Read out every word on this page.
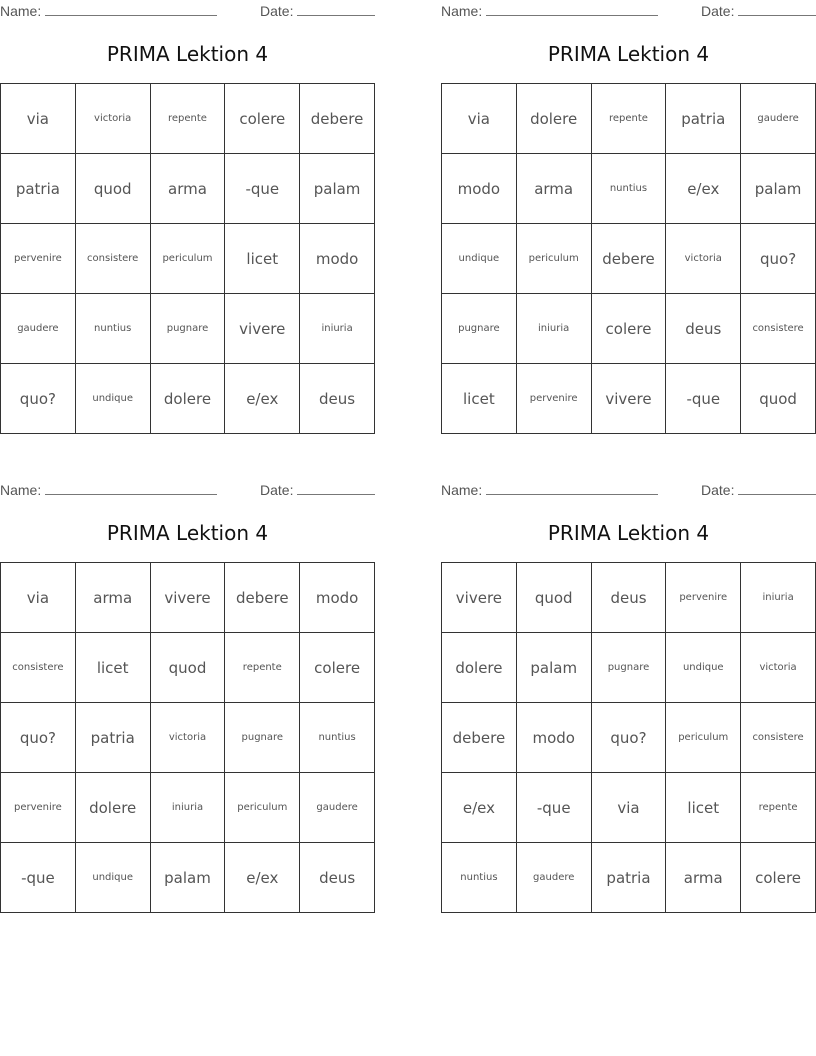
Name:	Date:
PRIMA Lektion 4
via	victoria	repente	colere	debere
patria	quod	arma	-que	palam
pervenire	consistere	periculum	licet	modo
gaudere	nuntius	pugnare	vivere	iniuria
quo?	undique	dolere	e/ex	deus
Name:	Date:
PRIMA Lektion 4
via	dolere	repente	patria	gaudere
modo	arma	nuntius	e/ex	palam
undique	periculum	debere	victoria	quo?
pugnare	iniuria	colere	deus	consistere
licet	pervenire	vivere	-que	quod
Name:	Date:
PRIMA Lektion 4
via	arma	vivere	debere	modo
consistere	licet	quod	repente	colere
quo?	patria	victoria	pugnare	nuntius
pervenire	dolere	iniuria	periculum	gaudere
-que	undique	palam	e/ex	deus
Name:	Date:
PRIMA Lektion 4
vivere	quod	deus	pervenire	iniuria
dolere	palam	pugnare	undique	victoria
debere	modo	quo?	periculum	consistere
e/ex	-que	via	licet	repente
nuntius	gaudere	patria	arma	colere
